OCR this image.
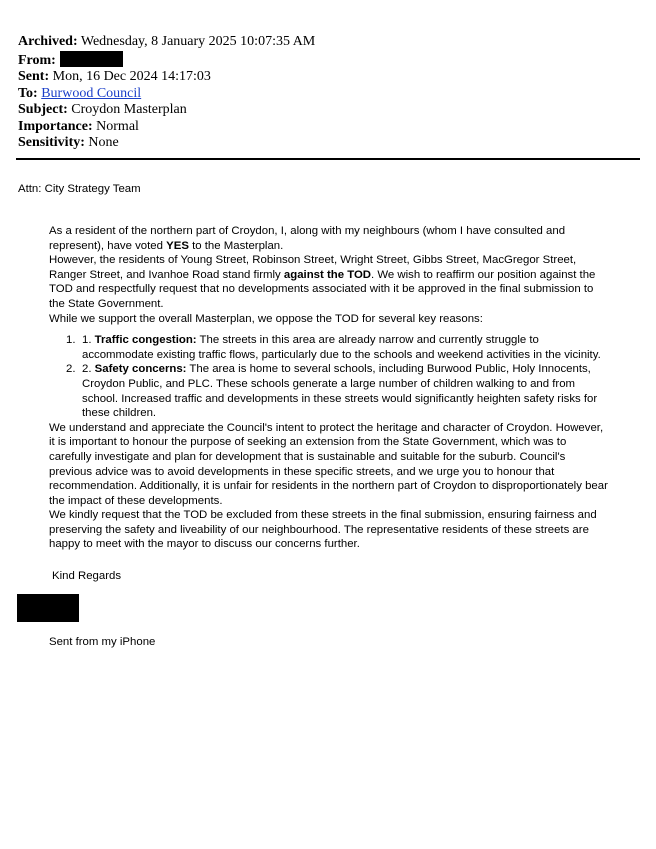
Archived: Wednesday, 8 January 2025 10:07:35 AM
From:
Sent: Mon, 16 Dec 2024 14:17:03
To: Burwood Council
Subject: Croydon Masterplan
Importance: Normal
Sensitivity: None
Attn: City Strategy Team

As a resident of the northern part of Croydon, I, along with my neighbours (whom I have consulted and represent), have voted YES to the Masterplan.

However, the residents of Young Street, Robinson Street, Wright Street, Gibbs Street, MacGregor Street, Ranger Street, and Ivanhoe Road stand firmly against the TOD. We wish to reaffirm our position against the TOD and respectfully request that no developments associated with it be approved in the final submission to the State Government.

While we support the overall Masterplan, we oppose the TOD for several key reasons:

1. 1. Traffic congestion: The streets in this area are already narrow and currently struggle to accommodate existing traffic flows, particularly due to the schools and weekend activities in the vicinity.
2. 2. Safety concerns: The area is home to several schools, including Burwood Public, Holy Innocents, Croydon Public, and PLC. These schools generate a large number of children walking to and from school. Increased traffic and developments in these streets would significantly heighten safety risks for these children.

We understand and appreciate the Council's intent to protect the heritage and character of Croydon. However, it is important to honour the purpose of seeking an extension from the State Government, which was to carefully investigate and plan for development that is sustainable and suitable for the suburb. Council's previous advice was to avoid developments in these specific streets, and we urge you to honour that recommendation. Additionally, it is unfair for residents in the northern part of Croydon to disproportionately bear the impact of these developments.

We kindly request that the TOD be excluded from these streets in the final submission, ensuring fairness and preserving the safety and liveability of our neighbourhood. The representative residents of these streets are happy to meet with the mayor to discuss our concerns further.

Kind Regards
Sent from my iPhone
